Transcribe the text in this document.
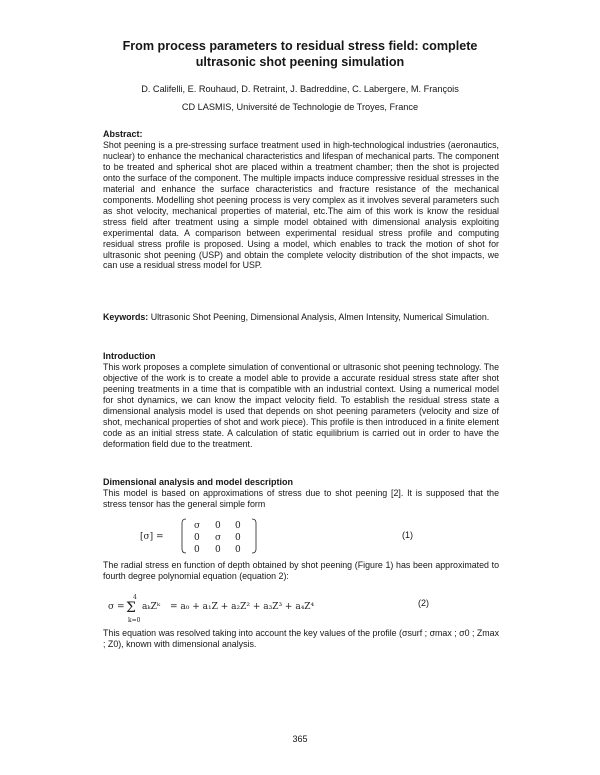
From process parameters to residual stress field: complete
ultrasonic shot peening simulation
D. Califelli, E. Rouhaud, D. Retraint, J. Badreddine, C. Labergere, M. François
CD LASMIS, Université de Technologie de Troyes, France
Abstract:
Shot peening is a pre-stressing surface treatment used in high-technological industries (aeronautics, nuclear) to enhance the mechanical characteristics and lifespan of mechanical parts. The component to be treated and spherical shot are placed within a treatment chamber; then the shot is projected onto the surface of the component. The multiple impacts induce compressive residual stresses in the material and enhance the surface characteristics and fracture resistance of the mechanical components. Modelling shot peening process is very complex as it involves several parameters such as shot velocity, mechanical properties of material, etc.The aim of this work is know the residual stress field after treatment using a simple model obtained with dimensional analysis exploiting experimental data. A comparison between experimental residual stress profile and computing residual stress profile is proposed. Using a model, which enables to track the motion of shot for ultrasonic shot peening (USP) and obtain the complete velocity distribution of the shot impacts, we can use a residual stress model for USP.
Keywords: Ultrasonic Shot Peening, Dimensional Analysis, Almen Intensity, Numerical Simulation.
Introduction
This work proposes a complete simulation of conventional or ultrasonic shot peening technology. The objective of the work is to create a model able to provide a accurate residual stress state after shot peening treatments in a time that is compatible with an industrial context. Using a numerical model for shot dynamics, we can know the impact velocity field. To establish the residual stress state a dimensional analysis model is used that depends on shot peening parameters (velocity and size of shot, mechanical properties of shot and work piece). This profile is then introduced in a finite element code as an initial stress state. A calculation of static equilibrium is carried out in order to have the deformation field due to the treatment.
Dimensional analysis and model description
This model is based on approximations of stress due to shot peening [2]. It is supposed that the stress tensor has the general simple form
[σ] =
σ 0 0
0 σ 0
0 0 0
(1)
The radial stress en function of depth obtained by shot peening (Figure 1) has been approximated to fourth degree polynomial equation (equation 2):
σ =
4
Σ
k=0
aₖZᵏ = a₀ + a₁Z + a₂Z² + a₃Z³ + a₄Z⁴	(2)
This equation was resolved taking into account the key values of the profile (σsurf ; σmax ; σ0 ; Zmax ; Z0), known with dimensional analysis.
365
